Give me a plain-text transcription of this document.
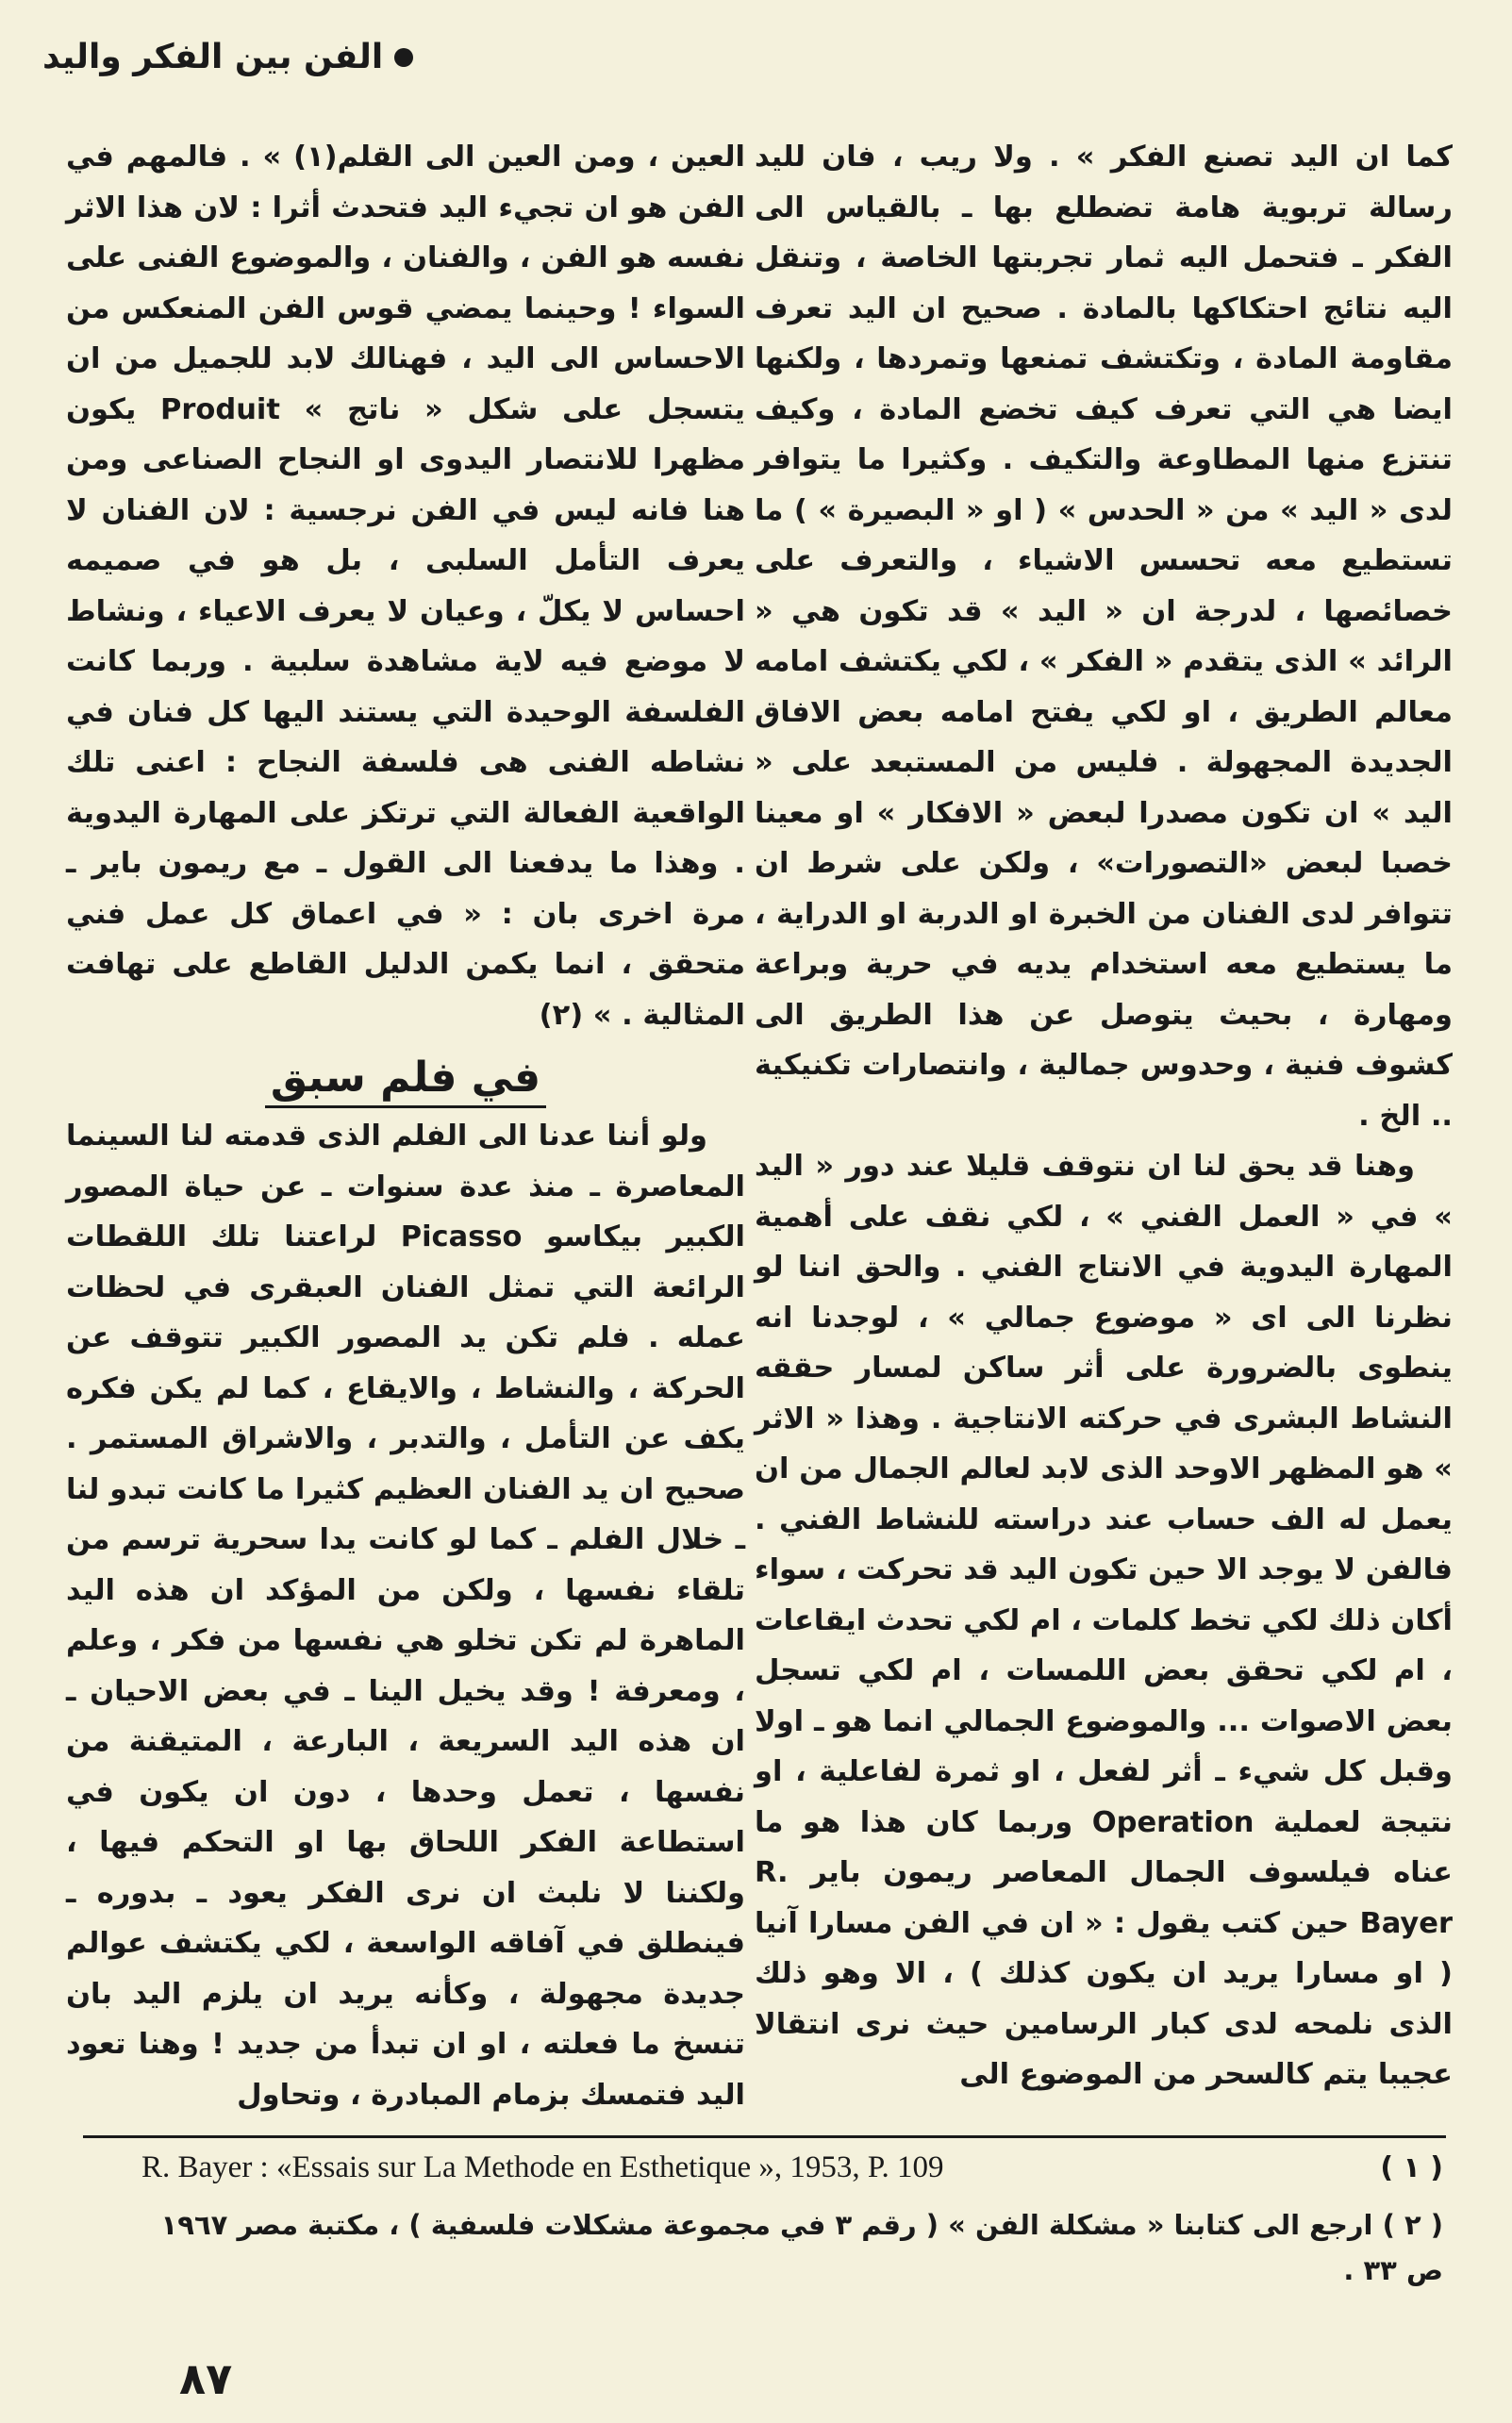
الفن بين الفكر واليد

كما ان اليد تصنع الفكر » . ولا ريب ، فان لليد رسالة تربوية هامة تضطلع بها ـ بالقياس الى الفكر ـ فتحمل اليه ثمار تجربتها الخاصة ، وتنقل اليه نتائج احتكاكها بالمادة . صحيح ان اليد تعرف مقاومة المادة ، وتكتشف تمنعها وتمردها ، ولكنها ايضا هي التي تعرف كيف تخضع المادة ، وكيف تنتزع منها المطاوعة والتكيف . وكثيرا ما يتوافر لدى « اليد » من « الحدس » ( او « البصيرة » ) ما تستطيع معه تحسس الاشياء ، والتعرف على خصائصها ، لدرجة ان « اليد » قد تكون هي « الرائد » الذى يتقدم « الفكر » ، لكي يكتشف امامه معالم الطريق ، او لكي يفتح امامه بعض الافاق الجديدة المجهولة . فليس من المستبعد على « اليد » ان تكون مصدرا لبعض « الافكار » او معينا خصبا لبعض «التصورات» ، ولكن على شرط ان تتوافر لدى الفنان من الخبرة او الدربة او الدراية ، ما يستطيع معه استخدام يديه في حرية وبراعة ومهارة ، بحيث يتوصل عن هذا الطريق الى كشوف فنية ، وحدوس جمالية ، وانتصارات تكنيكية .. الخ .

وهنا قد يحق لنا ان نتوقف قليلا عند دور « اليد » في « العمل الفني » ، لكي نقف على أهمية المهارة اليدوية في الانتاج الفني . والحق اننا لو نظرنا الى اى « موضوع جمالي » ، لوجدنا انه ينطوى بالضرورة على أثر ساكن لمسار حققه النشاط البشرى في حركته الانتاجية . وهذا « الاثر » هو المظهر الاوحد الذى لابد لعالم الجمال من ان يعمل له الف حساب عند دراسته للنشاط الفني . فالفن لا يوجد الا حين تكون اليد قد تحركت ، سواء أكان ذلك لكي تخط كلمات ، ام لكي تحدث ايقاعات ، ام لكي تحقق بعض اللمسات ، ام لكي تسجل بعض الاصوات ... والموضوع الجمالي انما هو ـ اولا وقبل كل شيء ـ أثر لفعل ، او ثمرة لفاعلية ، او نتيجة لعملية Operation وربما كان هذا هو ما عناه فيلسوف الجمال المعاصر ريمون باير R. Bayer حين كتب يقول : « ان في الفن مسارا آنيا ( او مسارا يريد ان يكون كذلك ) ، الا وهو ذلك الذى نلمحه لدى كبار الرسامين حيث نرى انتقالا عجيبا يتم كالسحر من الموضوع الى

العين ، ومن العين الى القلم(١) » . فالمهم في الفن هو ان تجيء اليد فتحدث أثرا : لان هذا الاثر نفسه هو الفن ، والفنان ، والموضوع الفنى على السواء ! وحينما يمضي قوس الفن المنعكس من الاحساس الى اليد ، فهنالك لابد للجميل من ان يتسجل على شكل « ناتج » Produit يكون مظهرا للانتصار اليدوى او النجاح الصناعى ومن هنا فانه ليس في الفن نرجسية : لان الفنان لا يعرف التأمل السلبى ، بل هو في صميمه احساس لا يكلّ ، وعيان لا يعرف الاعياء ، ونشاط لا موضع فيه لاية مشاهدة سلبية . وربما كانت الفلسفة الوحيدة التي يستند اليها كل فنان في نشاطه الفنى هى فلسفة النجاح : اعنى تلك الواقعية الفعالة التي ترتكز على المهارة اليدوية . وهذا ما يدفعنا الى القول ـ مع ريمون باير ـ مرة اخرى بان : « في اعماق كل عمل فني متحقق ، انما يكمن الدليل القاطع على تهافت المثالية . » (٢)

في فلم سبق

ولو أننا عدنا الى الفلم الذى قدمته لنا السينما المعاصرة ـ منذ عدة سنوات ـ عن حياة المصور الكبير بيكاسو Picasso لراعتنا تلك اللقطات الرائعة التي تمثل الفنان العبقرى في لحظات عمله . فلم تكن يد المصور الكبير تتوقف عن الحركة ، والنشاط ، والايقاع ، كما لم يكن فكره يكف عن التأمل ، والتدبر ، والاشراق المستمر . صحيح ان يد الفنان العظيم كثيرا ما كانت تبدو لنا ـ خلال الفلم ـ كما لو كانت يدا سحرية ترسم من تلقاء نفسها ، ولكن من المؤكد ان هذه اليد الماهرة لم تكن تخلو هي نفسها من فكر ، وعلم ، ومعرفة ! وقد يخيل الينا ـ في بعض الاحيان ـ ان هذه اليد السريعة ، البارعة ، المتيقنة من نفسها ، تعمل وحدها ، دون ان يكون في استطاعة الفكر اللحاق بها او التحكم فيها ، ولكننا لا نلبث ان نرى الفكر يعود ـ بدوره ـ فينطلق في آفاقه الواسعة ، لكي يكتشف عوالم جديدة مجهولة ، وكأنه يريد ان يلزم اليد بان تنسخ ما فعلته ، او ان تبدأ من جديد ! وهنا تعود اليد فتمسك بزمام المبادرة ، وتحاول

R. Bayer : «Essais sur La Methode en Esthetique », 1953, P. 109	( ١ )
( ٢ ) ارجع الى كتابنا « مشكلة الفن » ( رقم ٣ في مجموعة مشكلات فلسفية ) ، مكتبة مصر ١٩٦٧ ص ٣٣ .
٨٧
